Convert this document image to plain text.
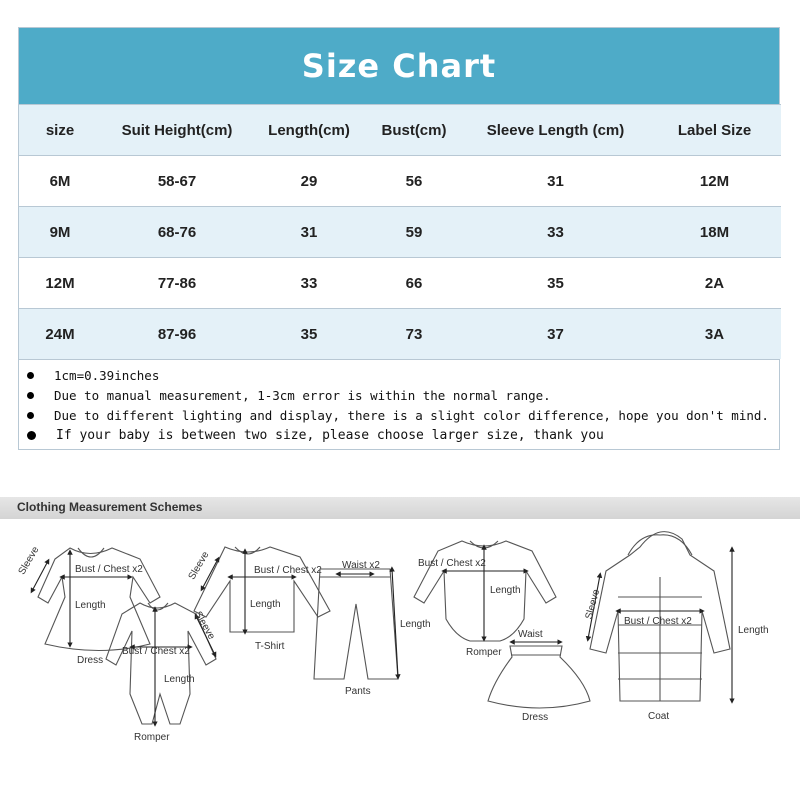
Size Chart
size	Suit Height(cm)	Length(cm)	Bust(cm)	Sleeve Length (cm)	Label Size
6M	58-67	29	56	31	12M
9M	68-76	31	59	33	18M
12M	77-86	33	66	35	2A
24M	87-96	35	73	37	3A
1cm=0.39inches
Due to manual measurement, 1-3cm error is within the normal range.
Due to different lighting and display, there is a slight color difference, hope you don't mind.
If your baby is between two size, please choose larger size, thank you
Clothing Measurement Schemes
Sleeve	Bust / Chest x2
Length
Dress
Bust / Chest x2
Length
Sleeve
Romper
Sleeve	Bust / Chest x2
Length
T-Shirt
Waist x2
Length
Pants
Bust / Chest x2
Length
Romper
Waist
Dress
Bust / Chest x2
Sleeve
Length
Coat
